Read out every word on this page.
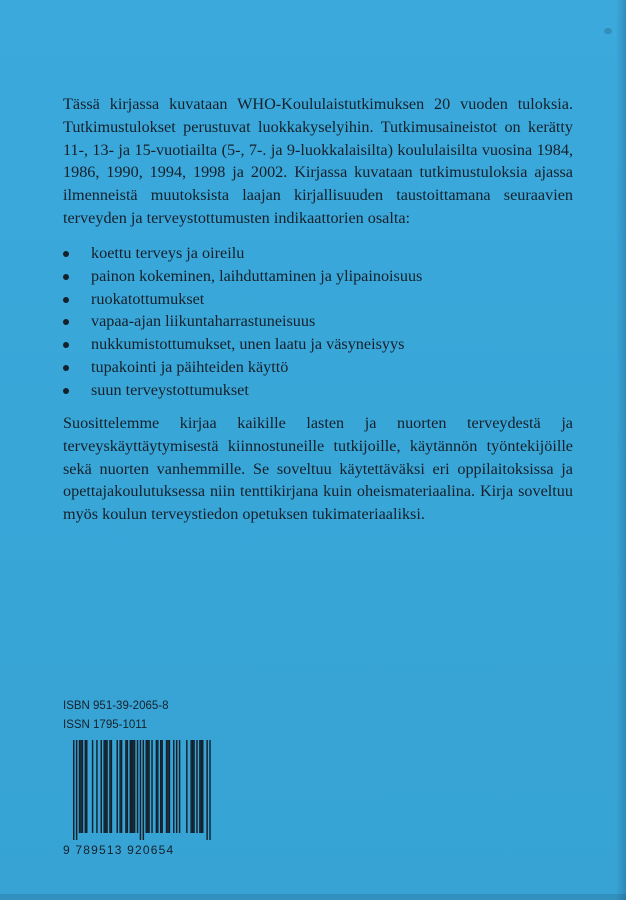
Tässä kirjassa kuvataan WHO-Koululaistutkimuksen 20 vuoden tuloksia. Tutkimustulokset perustuvat luokkakyselyihin. Tutkimusaineistot on kerätty 11-, 13- ja 15-vuotiailta (5-, 7-. ja 9-luokkalaisilta) koululaisilta vuosina 1984, 1986, 1990, 1994, 1998 ja 2002. Kirjassa kuvataan tutkimustuloksia ajassa ilmenneistä muutoksista laajan kirjallisuuden taustoittamana seuraavien terveyden ja terveystottumusten indikaattorien osalta:

koettu terveys ja oireilu
painon kokeminen, laihduttaminen ja ylipainoisuus
ruokatottumukset
vapaa-ajan liikuntaharrastuneisuus
nukkumistottumukset, unen laatu ja väsyneisyys
tupakointi ja päihteiden käyttö
suun terveystottumukset

Suosittelemme kirjaa kaikille lasten ja nuorten terveydestä ja terveyskäyttäytymisestä kiinnostuneille tutkijoille, käytännön työntekijöille sekä nuorten vanhemmille. Se soveltuu käytettäväksi eri oppilaitoksissa ja opettajakoulutuksessa niin tenttikirjana kuin oheismateriaalina. Kirja soveltuu myös koulun terveystiedon opetuksen tukimateriaaliksi.

ISBN 951-39-2065-8
ISSN 1795-1011
9 789513 920654
